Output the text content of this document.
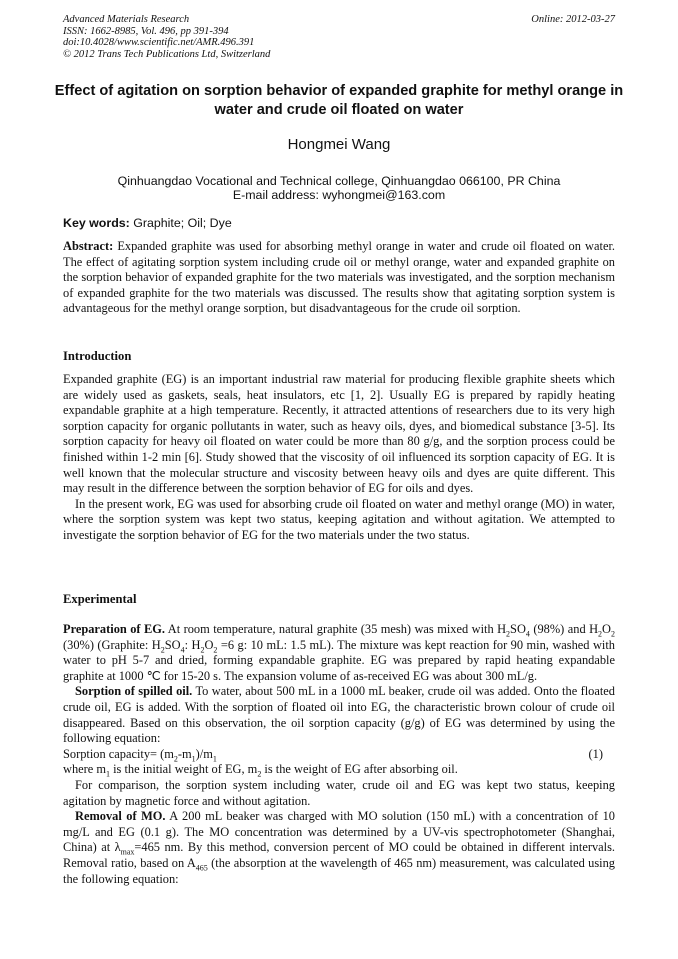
Advanced Materials Research
ISSN: 1662-8985, Vol. 496, pp 391-394
doi:10.4028/www.scientific.net/AMR.496.391
© 2012 Trans Tech Publications Ltd, Switzerland
Online: 2012-03-27
Effect of agitation on sorption behavior of expanded graphite for methyl orange in water and crude oil floated on water
Hongmei Wang
Qinhuangdao Vocational and Technical college, Qinhuangdao 066100, PR China
E-mail address: wyhongmei@163.com
Key words: Graphite; Oil; Dye

Abstract: Expanded graphite was used for absorbing methyl orange in water and crude oil floated on water. The effect of agitating sorption system including crude oil or methyl orange, water and expanded graphite on the sorption behavior of expanded graphite for the two materials was investigated, and the sorption mechanism of expanded graphite for the two materials was discussed. The results show that agitating sorption system is advantageous for the methyl orange sorption, but disadvantageous for the crude oil sorption.

Introduction

Expanded graphite (EG) is an important industrial raw material for producing flexible graphite sheets which are widely used as gaskets, seals, heat insulators, etc [1, 2]. Usually EG is prepared by rapidly heating expandable graphite at a high temperature. Recently, it attracted attentions of researchers due to its very high sorption capacity for organic pollutants in water, such as heavy oils, dyes, and biomedical substance [3-5]. Its sorption capacity for heavy oil floated on water could be more than 80 g/g, and the sorption process could be finished within 1-2 min [6]. Study showed that the viscosity of oil influenced its sorption capacity of EG. It is well known that the molecular structure and viscosity between heavy oils and dyes are quite different. This may result in the difference between the sorption behavior of EG for oils and dyes.

In the present work, EG was used for absorbing crude oil floated on water and methyl orange (MO) in water, where the sorption system was kept two status, keeping agitation and without agitation. We attempted to investigate the sorption behavior of EG for the two materials under the two status.

Experimental

Preparation of EG. At room temperature, natural graphite (35 mesh) was mixed with $H_2SO_4$ (98%) and $H_2O_2$ (30%) (Graphite: $H_2SO_4$: $H_2O_2 =6$ g: 10 mL: 1.5 mL). The mixture was kept reaction for 90 min, washed with water to pH 5-7 and dried, forming expandable graphite. EG was prepared by rapid heating expandable graphite at 1000 ℃ for 15-20 s. The expansion volume of as-received EG was about 300 mL/g.

Sorption of spilled oil. To water, about 500 mL in a 1000 mL beaker, crude oil was added. Onto the floated crude oil, EG is added. With the sorption of floated oil into EG, the characteristic brown colour of crude oil disappeared. Based on this observation, the oil sorption capacity (g/g) of EG was determined by using the following equation:

Sorption capacity= $(m_2-m_1)/m_1$	(1)

where $m_1$ is the initial weight of EG, $m_2$ is the weight of EG after absorbing oil.

For comparison, the sorption system including water, crude oil and EG was kept two status, keeping agitation by magnetic force and without agitation.

Removal of MO. A 200 mL beaker was charged with MO solution (150 mL) with a concentration of 10 mg/L and EG (0.1 g). The MO concentration was determined by a UV-vis spectrophotometer (Shanghai, China) at $\lambda_{max}=465$ nm. By this method, conversion percent of MO could be obtained in different intervals. Removal ratio, based on $A_{465}$ (the absorption at the wavelength of 465 nm) measurement, was calculated using the following equation:
